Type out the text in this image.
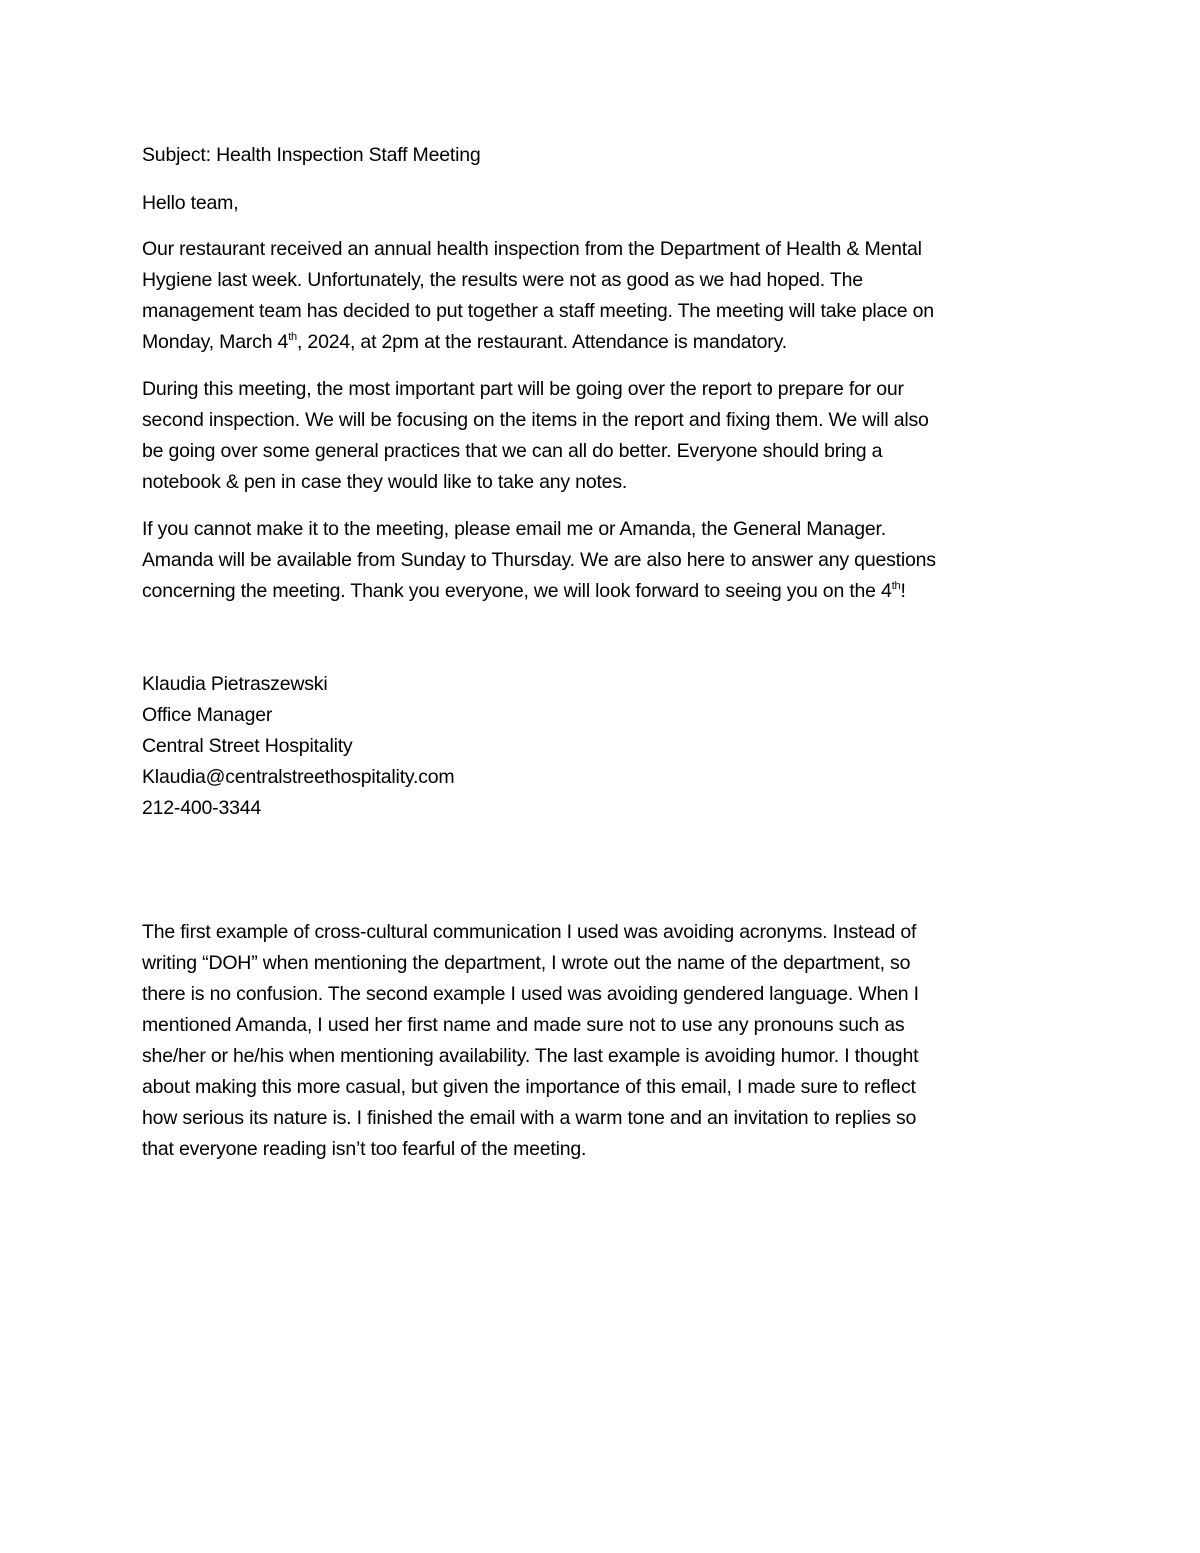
Subject: Health Inspection Staff Meeting
Hello team,
Our restaurant received an annual health inspection from the Department of Health & Mental
Hygiene last week. Unfortunately, the results were not as good as we had hoped. The
management team has decided to put together a staff meeting. The meeting will take place on
Monday, March 4th, 2024, at 2pm at the restaurant. Attendance is mandatory.
During this meeting, the most important part will be going over the report to prepare for our
second inspection. We will be focusing on the items in the report and fixing them. We will also
be going over some general practices that we can all do better. Everyone should bring a
notebook & pen in case they would like to take any notes.
If you cannot make it to the meeting, please email me or Amanda, the General Manager.
Amanda will be available from Sunday to Thursday. We are also here to answer any questions
concerning the meeting. Thank you everyone, we will look forward to seeing you on the 4th!
Klaudia Pietraszewski
Office Manager
Central Street Hospitality
Klaudia@centralstreethospitality.com
212-400-3344
The first example of cross-cultural communication I used was avoiding acronyms. Instead of
writing “DOH” when mentioning the department, I wrote out the name of the department, so
there is no confusion. The second example I used was avoiding gendered language. When I
mentioned Amanda, I used her first name and made sure not to use any pronouns such as
she/her or he/his when mentioning availability. The last example is avoiding humor. I thought
about making this more casual, but given the importance of this email, I made sure to reflect
how serious its nature is. I finished the email with a warm tone and an invitation to replies so
that everyone reading isn’t too fearful of the meeting.
